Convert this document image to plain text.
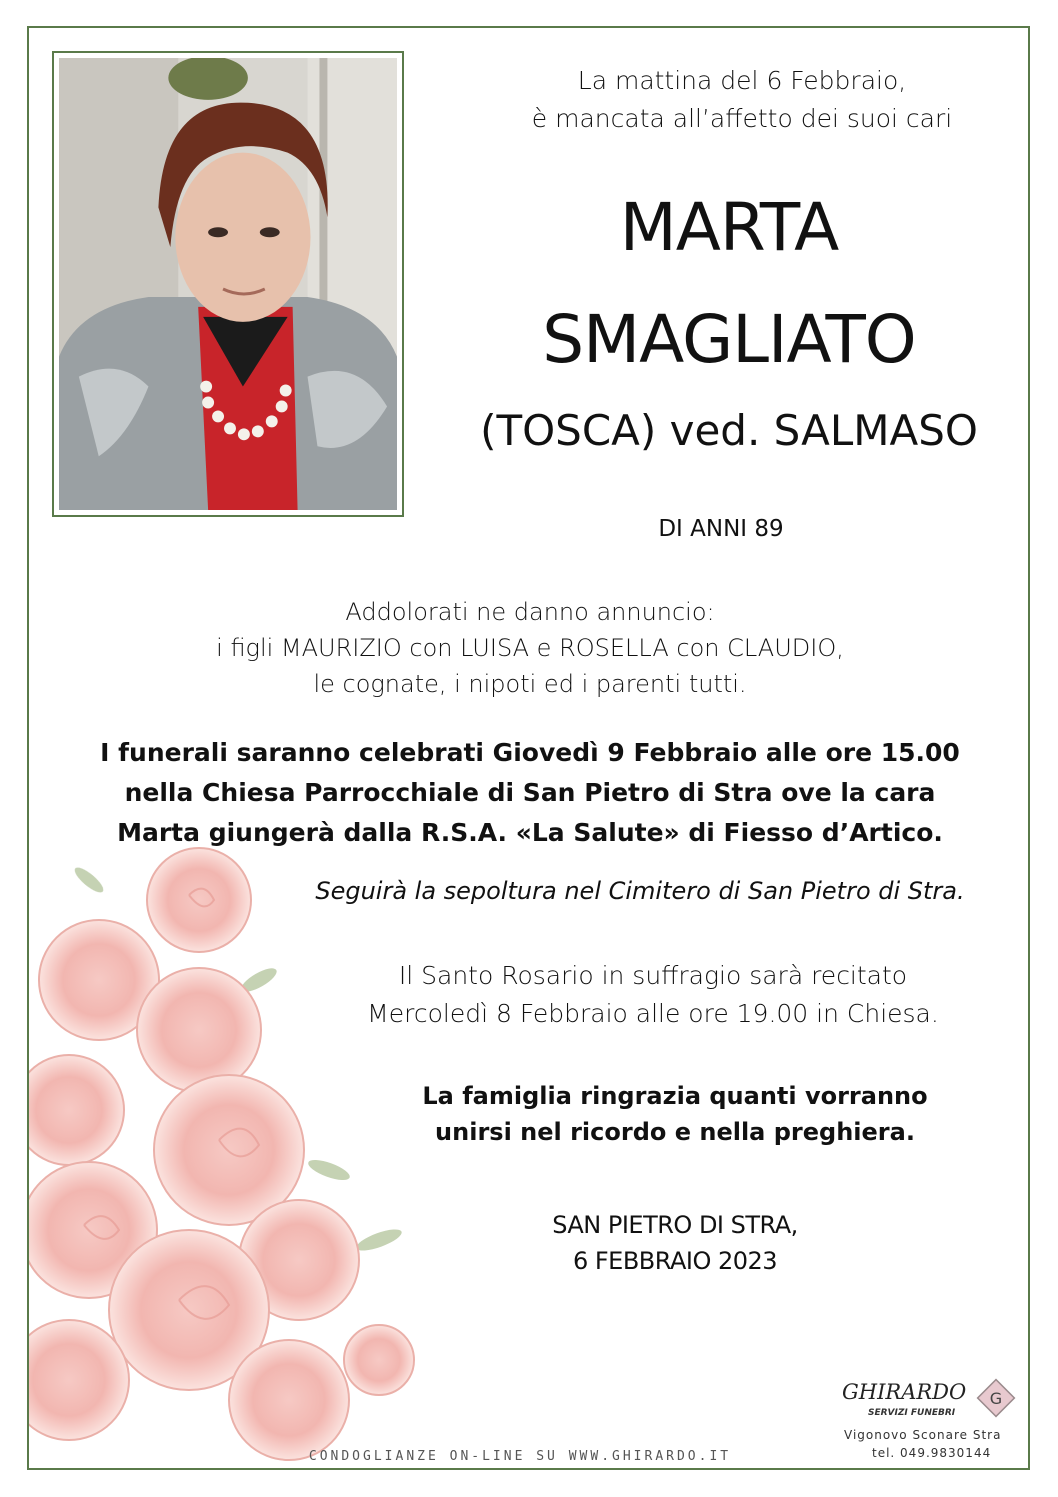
La mattina del 6 Febbraio,
è mancata all’affetto dei suoi cari
MARTA
SMAGLIATO
(TOSCA) ved. SALMASO
DI ANNI 89
Addolorati ne danno annuncio:
i figli MAURIZIO con LUISA e ROSELLA con CLAUDIO,
le cognate, i nipoti ed i parenti tutti.
I funerali saranno celebrati Giovedì 9 Febbraio alle ore 15.00
nella Chiesa Parrocchiale di San Pietro di Stra ove la cara
Marta giungerà dalla R.S.A. «La Salute» di Fiesso d’Artico.
Seguirà la sepoltura nel Cimitero di San Pietro di Stra.
Il Santo Rosario in suffragio sarà recitato
Mercoledì 8 Febbraio alle ore 19.00 in Chiesa.
La famiglia ringrazia quanti vorranno
unirsi nel ricordo e nella preghiera.
SAN PIETRO DI STRA,
6 FEBBRAIO 2023
CONDOGLIANZE ON-LINE SU WWW.GHIRARDO.IT
GHIRARDO
SERVIZI FUNEBRI
G
Vigonovo Sconare Stra
tel. 049.9830144
